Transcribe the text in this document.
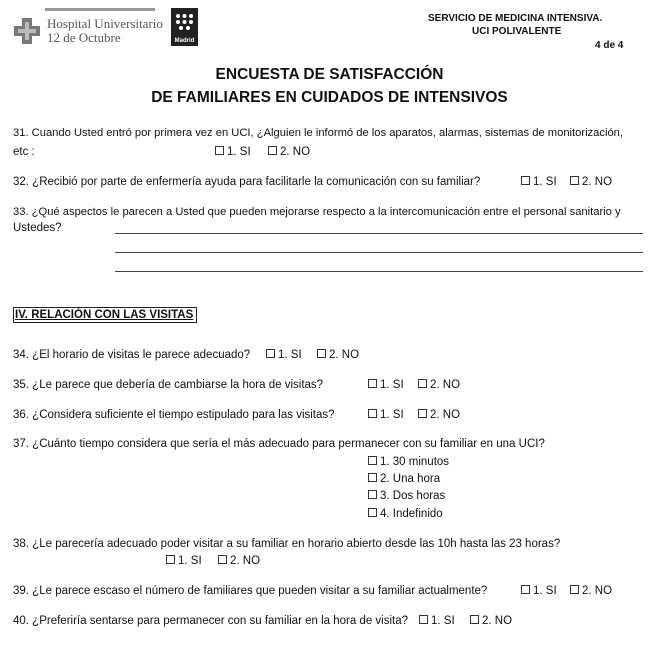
Hospital Universitario
12 de Octubre	Madrid
SERVICIO DE MEDICINA INTENSIVA.
UCI POLIVALENTE
4 de 4
ENCUESTA DE SATISFACCIÓN
DE FAMILIARES EN CUIDADOS DE INTENSIVOS
31. Cuando Usted entró por primera vez en UCI, ¿Alguien le informó de los aparatos, alarmas, sistemas de monitorización,
etc :	1. SI	2. NO
32. ¿Recibió por parte de enfermería ayuda para facilitarle la comunicación con su familiar?	1. SI	2. NO
33. ¿Qué aspectos le parecen a Usted que pueden mejorarse respecto a la intercomunicación entre el personal sanitario y
Ustedes?
IV. RELACIÓN CON LAS VISITAS
34. ¿El horario de visitas le parece adecuado?	1. SI	2. NO
35. ¿Le parece que debería de cambiarse la hora de visitas?	1. SI	2. NO
36. ¿Considera suficiente el tiempo estipulado para las visitas?	1. SI	2. NO
37. ¿Cuánto tiempo considera que sería el más adecuado para permanecer con su familiar en una UCI?
1. 30 minutos
2. Una hora
3. Dos horas
4. Indefinido
38. ¿Le parecería adecuado poder visitar a su familiar en horario abierto desde las 10h hasta las 23 horas?
1. SI	2. NO
39. ¿Le parece escaso el número de familiares que pueden visitar a su familiar actualmente?	1. SI	2. NO
40. ¿Preferiría sentarse para permanecer con su familiar en la hora de visita?	1. SI	2. NO
